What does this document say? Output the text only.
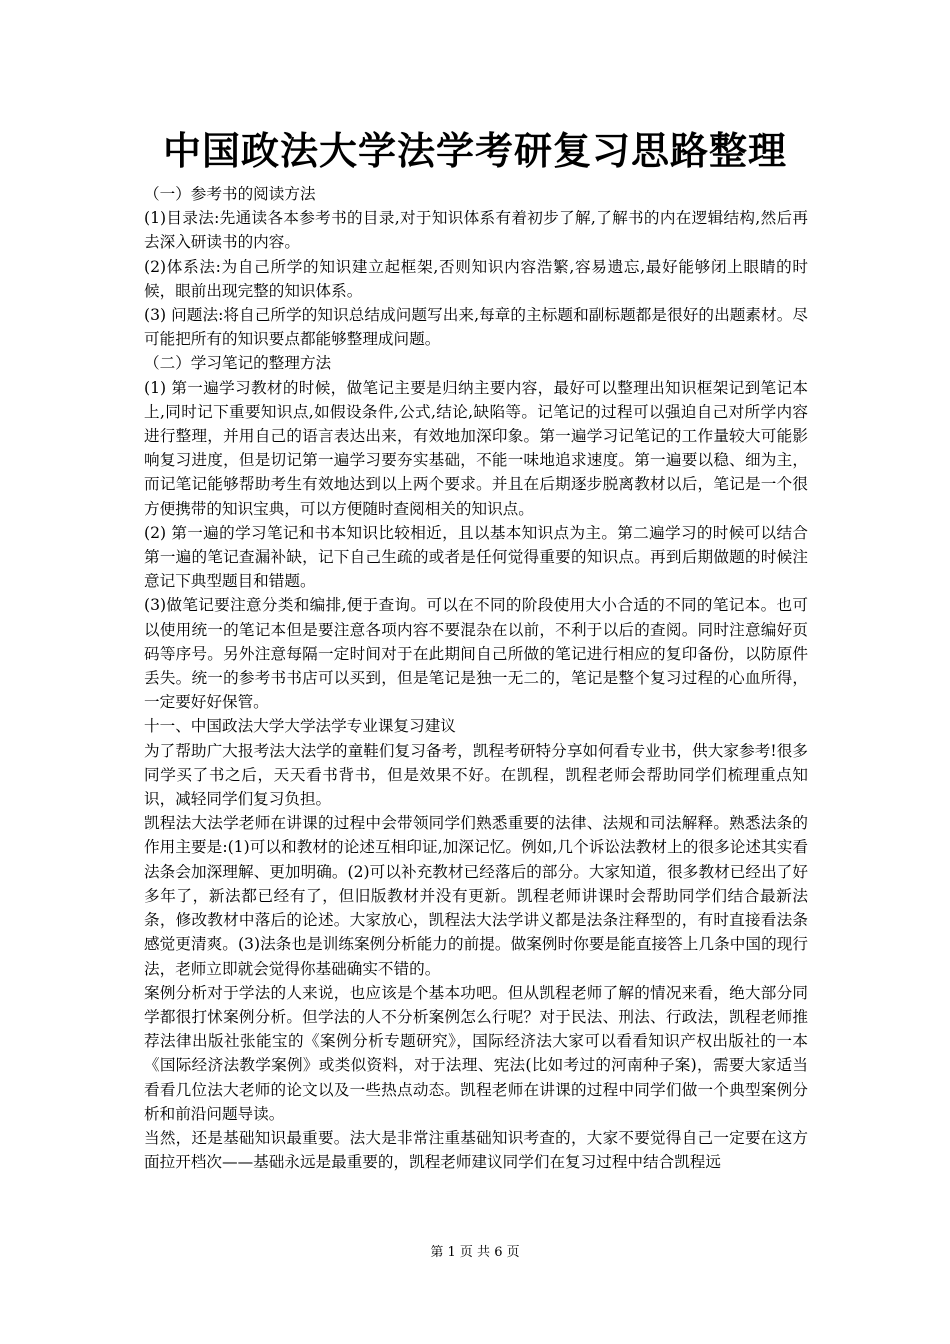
中国政法大学法学考研复习思路整理

（一）参考书的阅读方法

(1)目录法:先通读各本参考书的目录,对于知识体系有着初步了解,了解书的内在逻辑结构,然后再去深入研读书的内容。

(2)体系法:为自己所学的知识建立起框架,否则知识内容浩繁,容易遗忘,最好能够闭上眼睛的时候，眼前出现完整的知识体系。

(3) 问题法:将自己所学的知识总结成问题写出来,每章的主标题和副标题都是很好的出题素材。尽可能把所有的知识要点都能够整理成问题。

（二）学习笔记的整理方法

(1) 第一遍学习教材的时候，做笔记主要是归纳主要内容，最好可以整理出知识框架记到笔记本上,同时记下重要知识点,如假设条件,公式,结论,缺陷等。记笔记的过程可以强迫自己对所学内容进行整理，并用自己的语言表达出来，有效地加深印象。第一遍学习记笔记的工作量较大可能影响复习进度，但是切记第一遍学习要夯实基础，不能一味地追求速度。第一遍要以稳、细为主，而记笔记能够帮助考生有效地达到以上两个要求。并且在后期逐步脱离教材以后，笔记是一个很方便携带的知识宝典，可以方便随时查阅相关的知识点。

(2) 第一遍的学习笔记和书本知识比较相近，且以基本知识点为主。第二遍学习的时候可以结合第一遍的笔记查漏补缺，记下自己生疏的或者是任何觉得重要的知识点。再到后期做题的时候注意记下典型题目和错题。

(3)做笔记要注意分类和编排,便于查询。可以在不同的阶段使用大小合适的不同的笔记本。也可以使用统一的笔记本但是要注意各项内容不要混杂在以前，不利于以后的查阅。同时注意编好页码等序号。另外注意每隔一定时间对于在此期间自己所做的笔记进行相应的复印备份，以防原件丢失。统一的参考书书店可以买到，但是笔记是独一无二的，笔记是整个复习过程的心血所得，一定要好好保管。

十一、中国政法大学大学法学专业课复习建议

为了帮助广大报考法大法学的童鞋们复习备考，凯程考研特分享如何看专业书，供大家参考!很多同学买了书之后，天天看书背书，但是效果不好。在凯程，凯程老师会帮助同学们梳理重点知识，减轻同学们复习负担。

凯程法大法学老师在讲课的过程中会带领同学们熟悉重要的法律、法规和司法解释。熟悉法条的作用主要是:(1)可以和教材的论述互相印证,加深记忆。例如,几个诉讼法教材上的很多论述其实看法条会加深理解、更加明确。(2)可以补充教材已经落后的部分。大家知道，很多教材已经出了好多年了，新法都已经有了，但旧版教材并没有更新。凯程老师讲课时会帮助同学们结合最新法条，修改教材中落后的论述。大家放心，凯程法大法学讲义都是法条注释型的，有时直接看法条感觉更清爽。(3)法条也是训练案例分析能力的前提。做案例时你要是能直接答上几条中国的现行法，老师立即就会觉得你基础确实不错的。

案例分析对于学法的人来说，也应该是个基本功吧。但从凯程老师了解的情况来看，绝大部分同学都很打怵案例分析。但学法的人不分析案例怎么行呢？对于民法、刑法、行政法，凯程老师推荐法律出版社张能宝的《案例分析专题研究》，国际经济法大家可以看看知识产权出版社的一本《国际经济法教学案例》或类似资料，对于法理、宪法(比如考过的河南种子案)，需要大家适当看看几位法大老师的论文以及一些热点动态。凯程老师在讲课的过程中同学们做一个典型案例分析和前沿问题导读。

当然，还是基础知识最重要。法大是非常注重基础知识考查的，大家不要觉得自己一定要在这方面拉开档次——基础永远是最重要的，凯程老师建议同学们在复习过程中结合凯程远

第 1 页 共 6 页
